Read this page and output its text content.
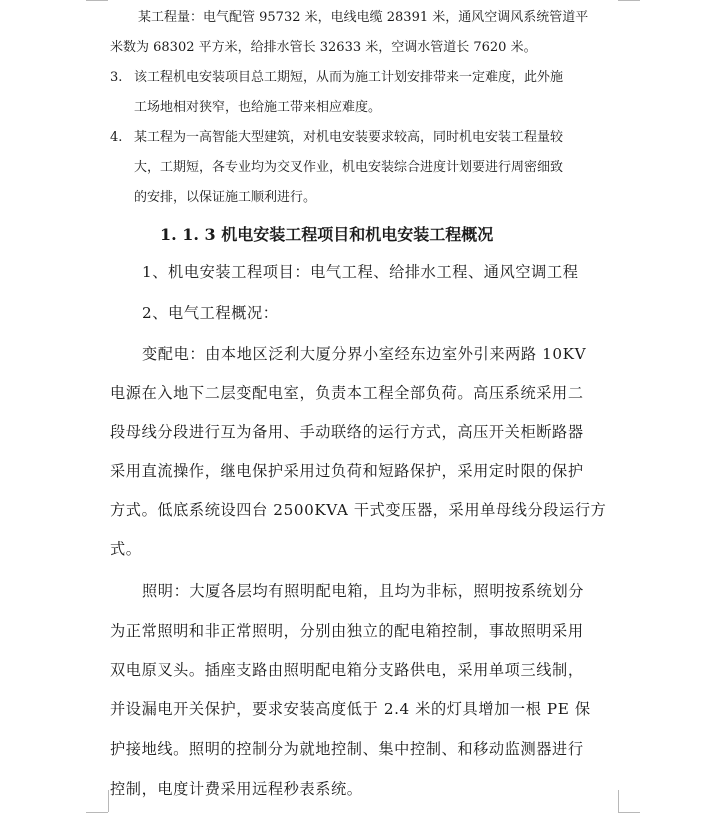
某工程量：电气配管 95732 米，电线电缆 28391 米，通风空调风系统管道平
米数为 68302 平方米，给排水管长 32633 米，空调水管道长 7620 米。
3. 该工程机电安装项目总工期短，从而为施工计划安排带来一定难度，此外施
工场地相对狭窄，也给施工带来相应难度。
4. 某工程为一高智能大型建筑，对机电安装要求较高，同时机电安装工程量较
大，工期短，各专业均为交叉作业，机电安装综合进度计划要进行周密细致
的安排，以保证施工顺利进行。
1. 1. 3 机电安装工程项目和机电安装工程概况
1、机电安装工程项目：电气工程、给排水工程、通风空调工程
2、电气工程概况：
变配电：由本地区泛利大厦分界小室经东边室外引来两路 10KV
电源在入地下二层变配电室，负责本工程全部负荷。高压系统采用二
段母线分段进行互为备用、手动联络的运行方式，高压开关柜断路器
采用直流操作，继电保护采用过负荷和短路保护，采用定时限的保护
方式。低底系统设四台 2500KVA 干式变压器，采用单母线分段运行方
式。
照明：大厦各层均有照明配电箱，且均为非标，照明按系统划分
为正常照明和非正常照明，分别由独立的配电箱控制，事故照明采用
双电原叉头。插座支路由照明配电箱分支路供电，采用单项三线制，
并设漏电开关保护，要求安装高度低于 2.4 米的灯具增加一根 PE 保
护接地线。照明的控制分为就地控制、集中控制、和移动监测器进行
控制，电度计费采用远程秒表系统。
